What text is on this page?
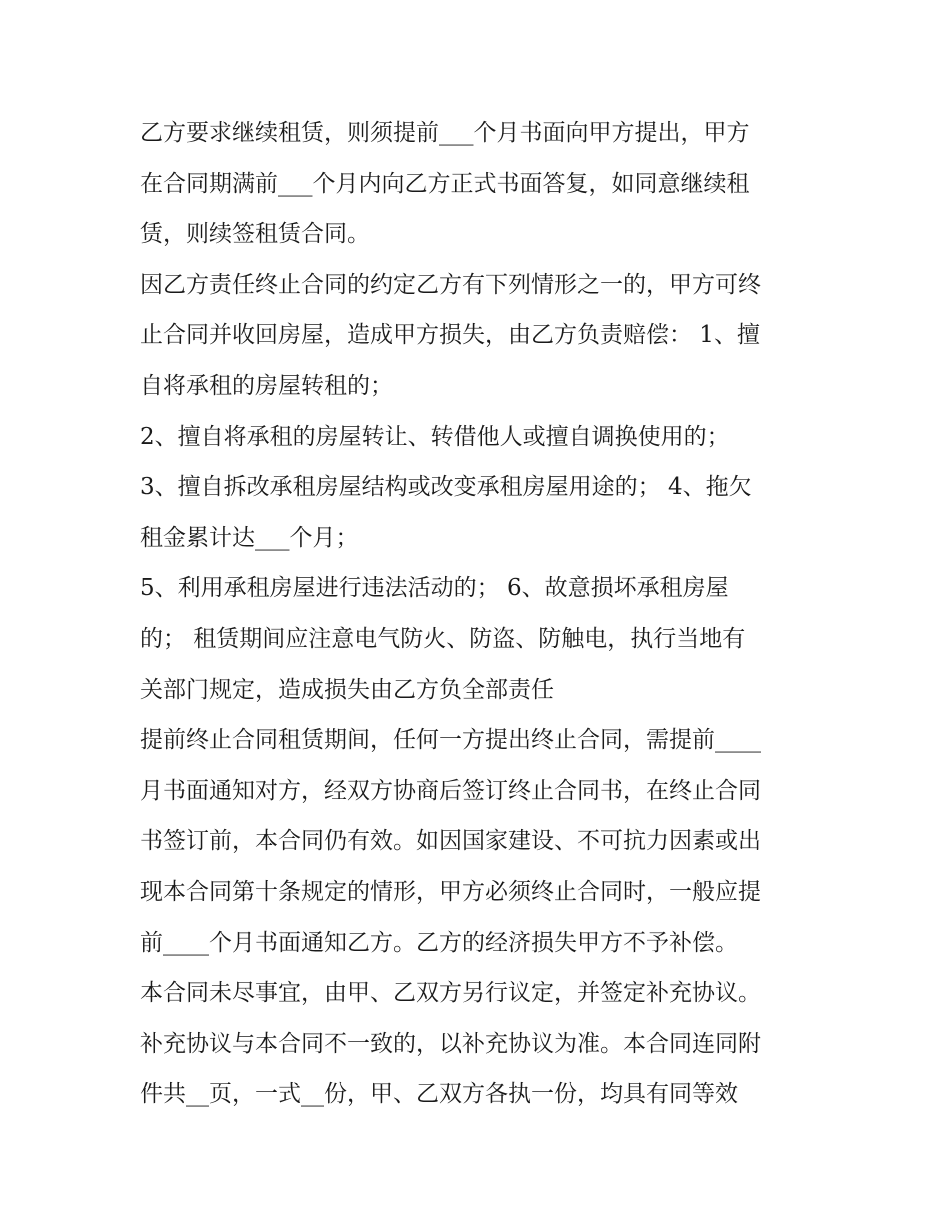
乙方要求继续租赁，则须提前___个月书面向甲方提出，甲方
在合同期满前___个月内向乙方正式书面答复，如同意继续租
赁，则续签租赁合同。
因乙方责任终止合同的约定乙方有下列情形之一的，甲方可终
止合同并收回房屋，造成甲方损失，由乙方负责赔偿： 1、擅
自将承租的房屋转租的；
2、擅自将承租的房屋转让、转借他人或擅自调换使用的；
3、擅自拆改承租房屋结构或改变承租房屋用途的； 4、拖欠
租金累计达___个月；
5、利用承租房屋进行违法活动的； 6、故意损坏承租房屋
的； 租赁期间应注意电气防火、防盗、防触电，执行当地有
关部门规定，造成损失由乙方负全部责任
提前终止合同租赁期间，任何一方提出终止合同，需提前____
月书面通知对方，经双方协商后签订终止合同书，在终止合同
书签订前，本合同仍有效。如因国家建设、不可抗力因素或出
现本合同第十条规定的情形，甲方必须终止合同时，一般应提
前____个月书面通知乙方。乙方的经济损失甲方不予补偿。
本合同未尽事宜，由甲、乙双方另行议定，并签定补充协议。
补充协议与本合同不一致的，以补充协议为准。本合同连同附
件共__页，一式__份，甲、乙双方各执一份，均具有同等效
